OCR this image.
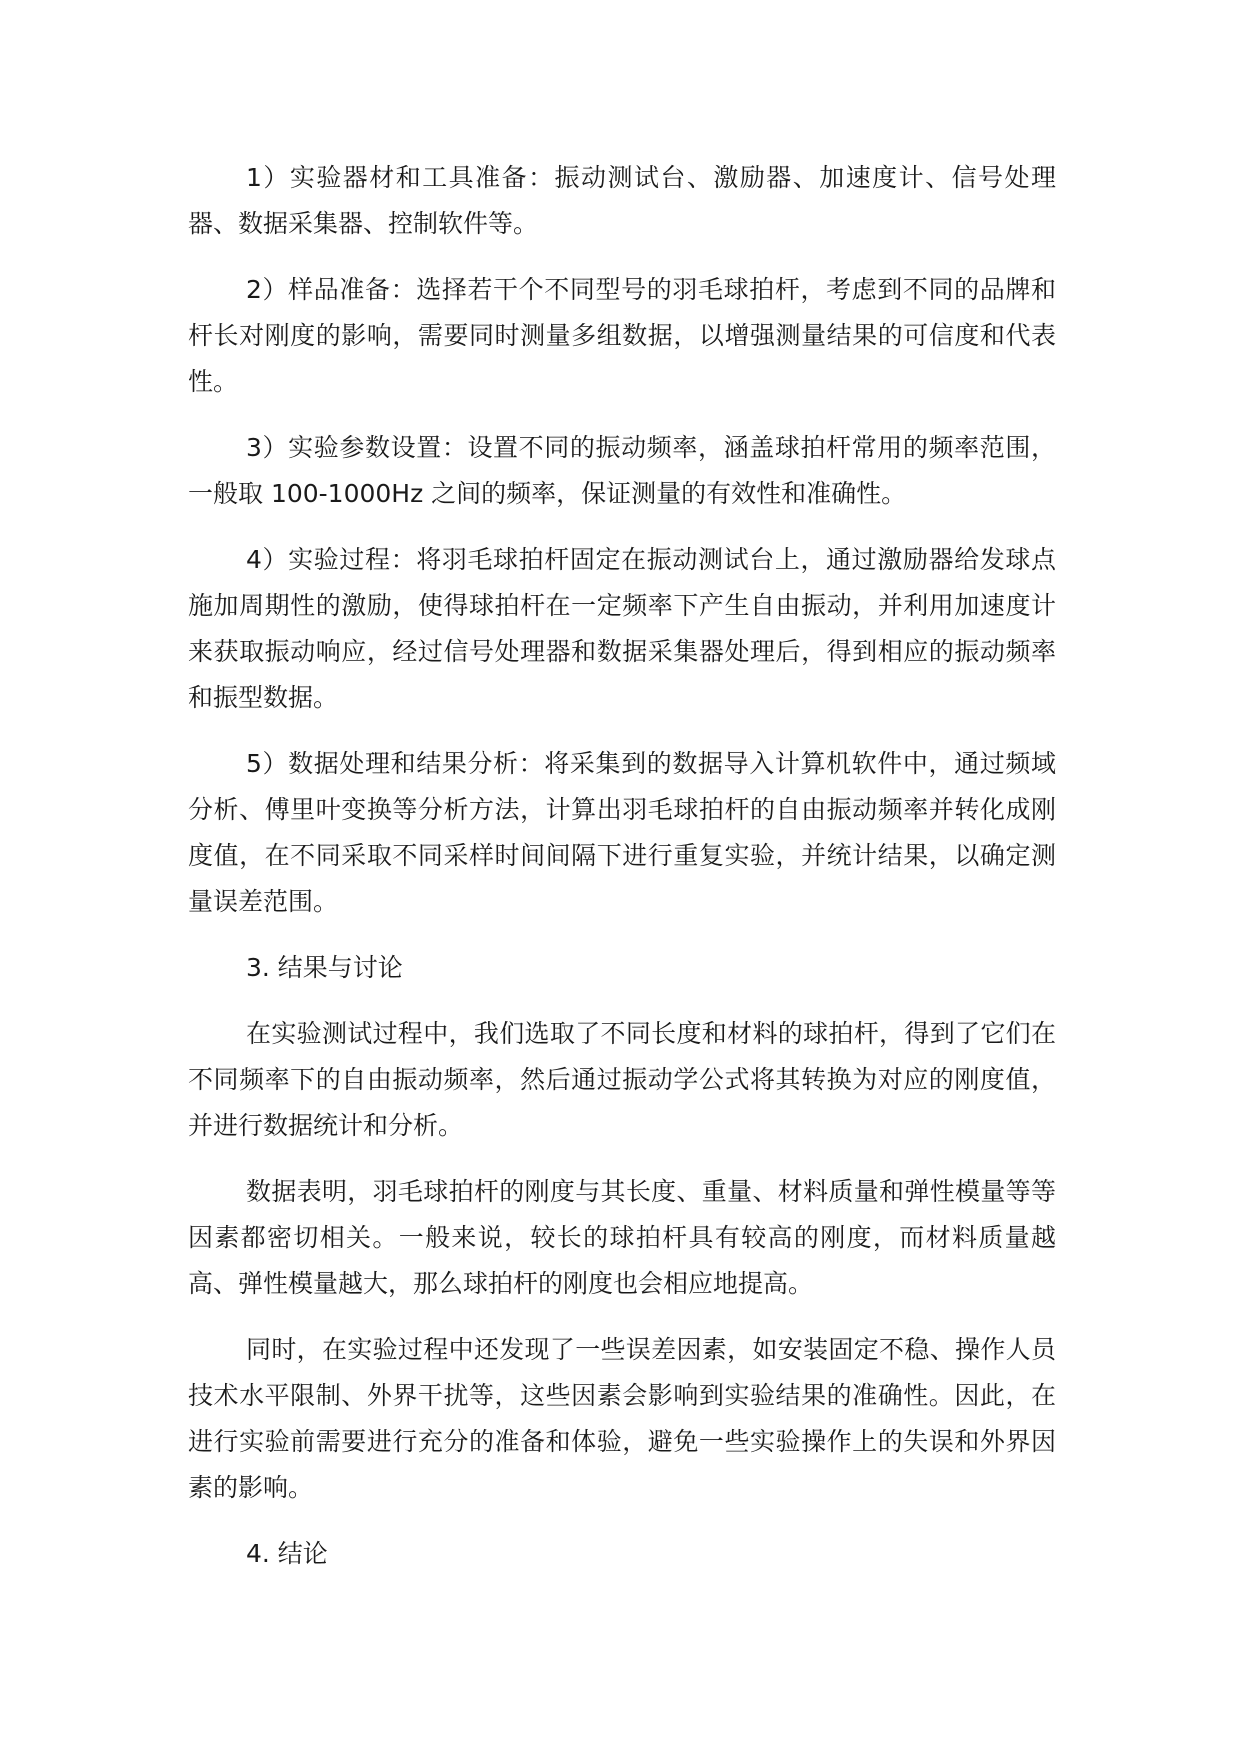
1）实验器材和工具准备：振动测试台、激励器、加速度计、信号处理器、数据采集器、控制软件等。

2）样品准备：选择若干个不同型号的羽毛球拍杆，考虑到不同的品牌和杆长对刚度的影响，需要同时测量多组数据，以增强测量结果的可信度和代表性。

3）实验参数设置：设置不同的振动频率，涵盖球拍杆常用的频率范围，一般取 100-1000Hz 之间的频率，保证测量的有效性和准确性。

4）实验过程：将羽毛球拍杆固定在振动测试台上，通过激励器给发球点施加周期性的激励，使得球拍杆在一定频率下产生自由振动，并利用加速度计来获取振动响应，经过信号处理器和数据采集器处理后，得到相应的振动频率和振型数据。

5）数据处理和结果分析：将采集到的数据导入计算机软件中，通过频域分析、傅里叶变换等分析方法，计算出羽毛球拍杆的自由振动频率并转化成刚度值，在不同采取不同采样时间间隔下进行重复实验，并统计结果，以确定测量误差范围。

3. 结果与讨论

在实验测试过程中，我们选取了不同长度和材料的球拍杆，得到了它们在不同频率下的自由振动频率，然后通过振动学公式将其转换为对应的刚度值，并进行数据统计和分析。

数据表明，羽毛球拍杆的刚度与其长度、重量、材料质量和弹性模量等等因素都密切相关。一般来说，较长的球拍杆具有较高的刚度，而材料质量越高、弹性模量越大，那么球拍杆的刚度也会相应地提高。

同时，在实验过程中还发现了一些误差因素，如安装固定不稳、操作人员技术水平限制、外界干扰等，这些因素会影响到实验结果的准确性。因此，在进行实验前需要进行充分的准备和体验，避免一些实验操作上的失误和外界因素的影响。

4. 结论
